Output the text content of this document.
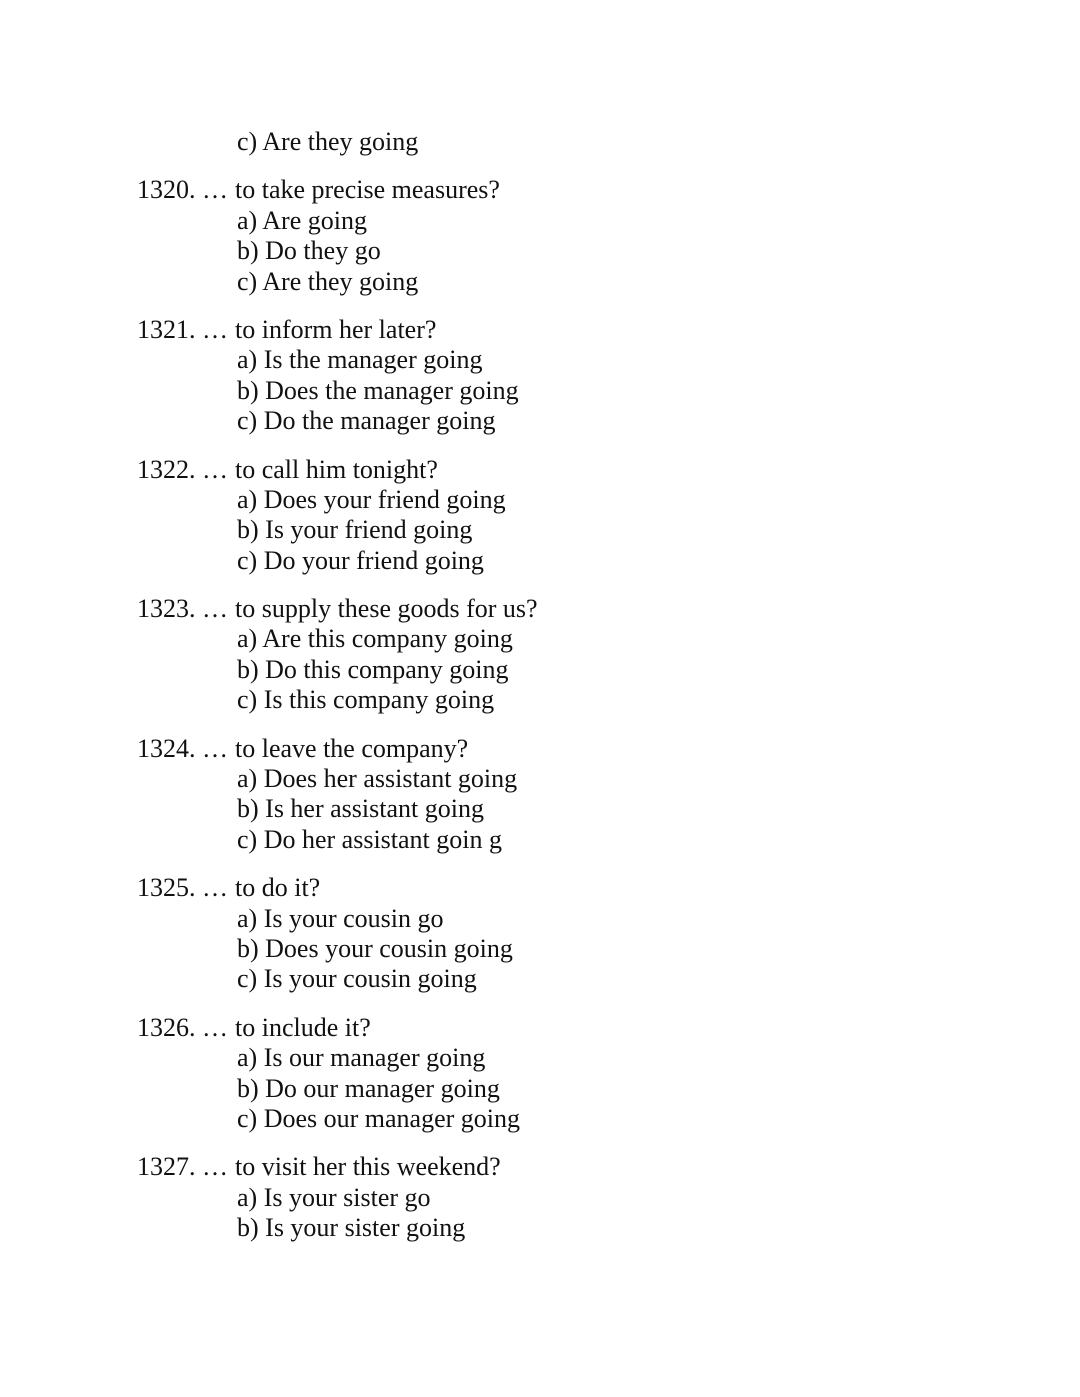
c) Are they going
1320. … to take precise measures?
a) Are going
b) Do they go
c) Are they going
1321. … to inform her later?
a) Is the manager going
b) Does the manager going
c) Do the manager going
1322. … to call him tonight?
a) Does your friend going
b) Is your friend going
c) Do your friend going
1323. … to supply these goods for us?
a) Are this company going
b) Do this company going
c) Is this company going
1324. … to leave the company?
a) Does her assistant going
b) Is her assistant going
c) Do her assistant goin g
1325. … to do it?
a) Is your cousin go
b) Does your cousin going
c) Is your cousin going
1326. … to include it?
a) Is our manager going
b) Do our manager going
c) Does our manager going
1327. … to visit her this weekend?
a) Is your sister go
b) Is your sister going
